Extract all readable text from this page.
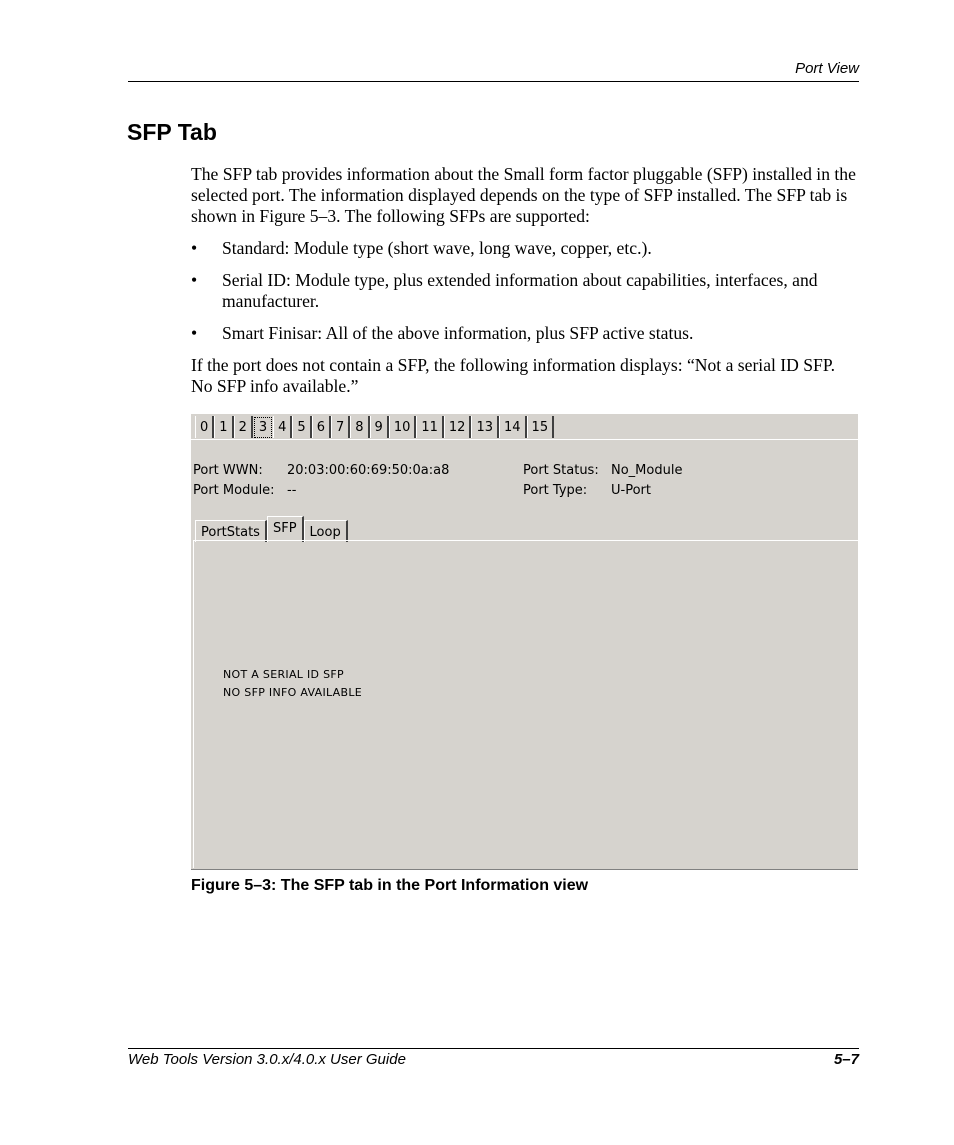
Port View
SFP Tab
The SFP tab provides information about the Small form factor pluggable (SFP) installed in the selected port. The information displayed depends on the type of SFP installed. The SFP tab is shown in Figure 5–3. The following SFPs are supported:
• Standard: Module type (short wave, long wave, copper, etc.).
• Serial ID: Module type, plus extended information about capabilities, interfaces, and manufacturer.
• Smart Finisar: All of the above information, plus SFP active status.
If the port does not contain a SFP, the following information displays: “Not a serial ID SFP. No SFP info available.”
0 1 2 3 4 5 6 7 8 9 10 11 12 13 14 15
Port WWN: 20:03:00:60:69:50:0a:a8
Port Module: --
Port Status: No_Module
Port Type: U-Port
PortStats	SFP	Loop
NOT A SERIAL ID SFP
NO SFP INFO AVAILABLE
Figure 5–3: The SFP tab in the Port Information view
Web Tools Version 3.0.x/4.0.x User Guide	5–7
